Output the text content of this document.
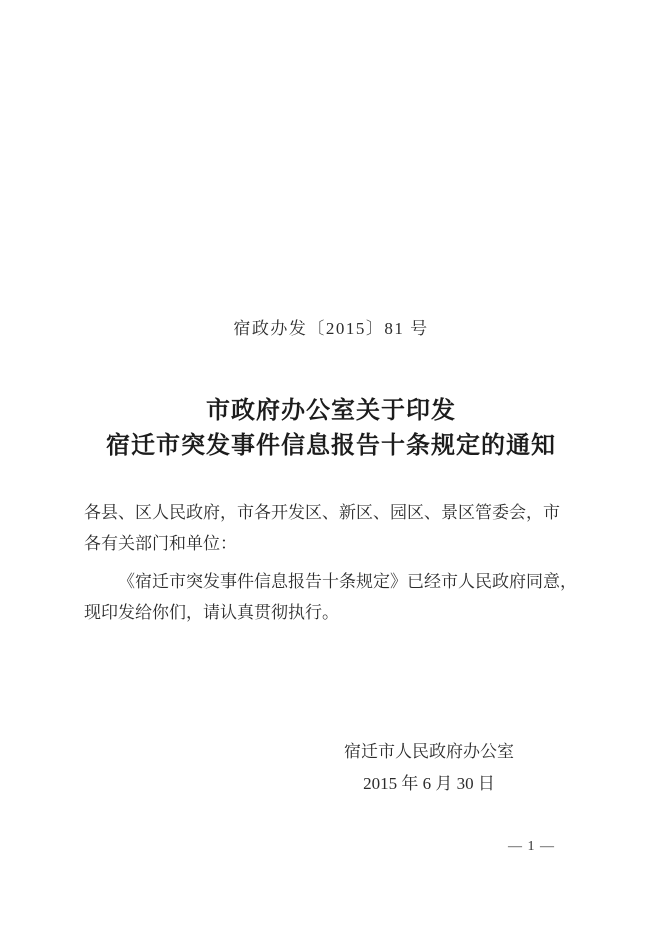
宿政办发〔2015〕81 号
市政府办公室关于印发
宿迁市突发事件信息报告十条规定的通知
各县、区人民政府，市各开发区、新区、园区、景区管委会，市
各有关部门和单位：
《宿迁市突发事件信息报告十条规定》已经市人民政府同意，
现印发给你们，请认真贯彻执行。
宿迁市人民政府办公室
2015 年 6 月 30 日
— 1 —
